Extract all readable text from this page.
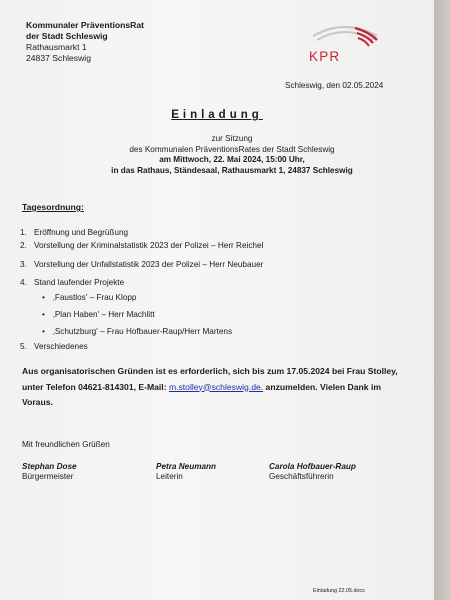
Kommunaler PräventionsRat
der Stadt Schleswig
Rathausmarkt 1
24837 Schleswig	KPR
Schleswig, den 02.05.2024
Einladung
zur Sitzung
des Kommunalen PräventionsRates der Stadt Schleswig
am Mittwoch, 22. Mai 2024, 15:00 Uhr,
in das Rathaus, Ständesaal, Rathausmarkt 1, 24837 Schleswig
Tagesordnung:
1. Eröffnung und Begrüßung
2. Vorstellung der Kriminalstatistik 2023 der Polizei – Herr Reichel
3. Vorstellung der Unfallstatistik 2023 der Polizei – Herr Neubauer
4. Stand laufender Projekte
• ‚Faustlos' – Frau Klopp
• ‚Plan Haben' – Herr Machlitt
• ‚Schutzburg' – Frau Hofbauer-Raup/Herr Martens
5. Verschiedenes
Aus organisatorischen Gründen ist es erforderlich, sich bis zum 17.05.2024 bei Frau Stolley,
unter Telefon 04621-814301, E-Mail: m.stolley@schleswig.de. anzumelden. Vielen Dank im
Voraus.
Mit freundlichen Grüßen
Stephan Dose
Bürgermeister
Petra Neumann
Leiterin
Carola Hofbauer-Raup
Geschäftsführerin
Einladung 22.05.docx
